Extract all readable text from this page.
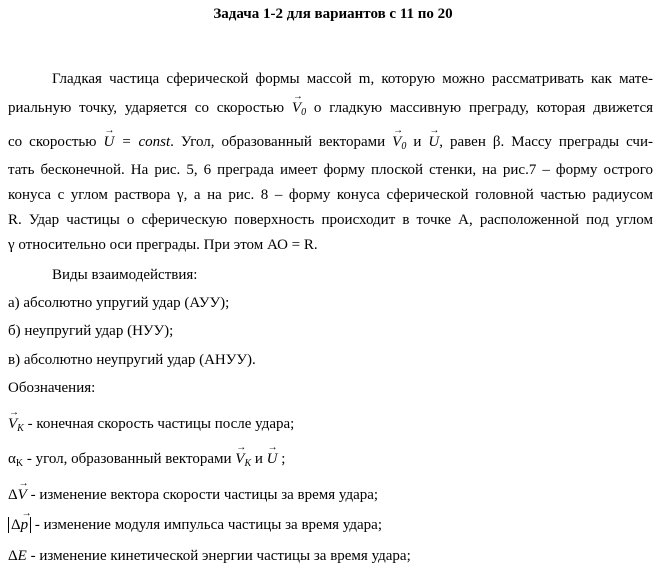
Задача 1-2 для вариантов с 11 по 20
Гладкая частица сферической формы массой m, которую можно рассматривать как мате-
риальную точку, ударяется со скоростью → $V_0$ о гладкую массивную преграду, которая движется
со скоростью → U = const. Угол, образованный векторами → $V_0$ и → U, равен β. Массу преграды счи-
тать бесконечной. На рис. 5, 6 преграда имеет форму плоской стенки, на рис.7 – форму острого
конуса с углом раствора γ, а на рис. 8 – форму конуса сферической головной частью радиусом
R. Удар частицы о сферическую поверхность происходит в точке А, расположенной под углом
γ относительно оси преграды. При этом АО = R.
Виды взаимодействия:
а) абсолютно упругий удар (АУУ);
б) неупругий удар (НУУ);
в) абсолютно неупругий удар (АНУУ).
Обозначения:
→ $V_K$ - конечная скорость частицы после удара;
$\alpha_K$ - угол, образованный векторами → $V_K$ и → U ;
Δ→ V - изменение вектора скорости частицы за время удара;
Δ→ p - изменение модуля импульса частицы за время удара;
ΔE - изменение кинетической энергии частицы за время удара;
